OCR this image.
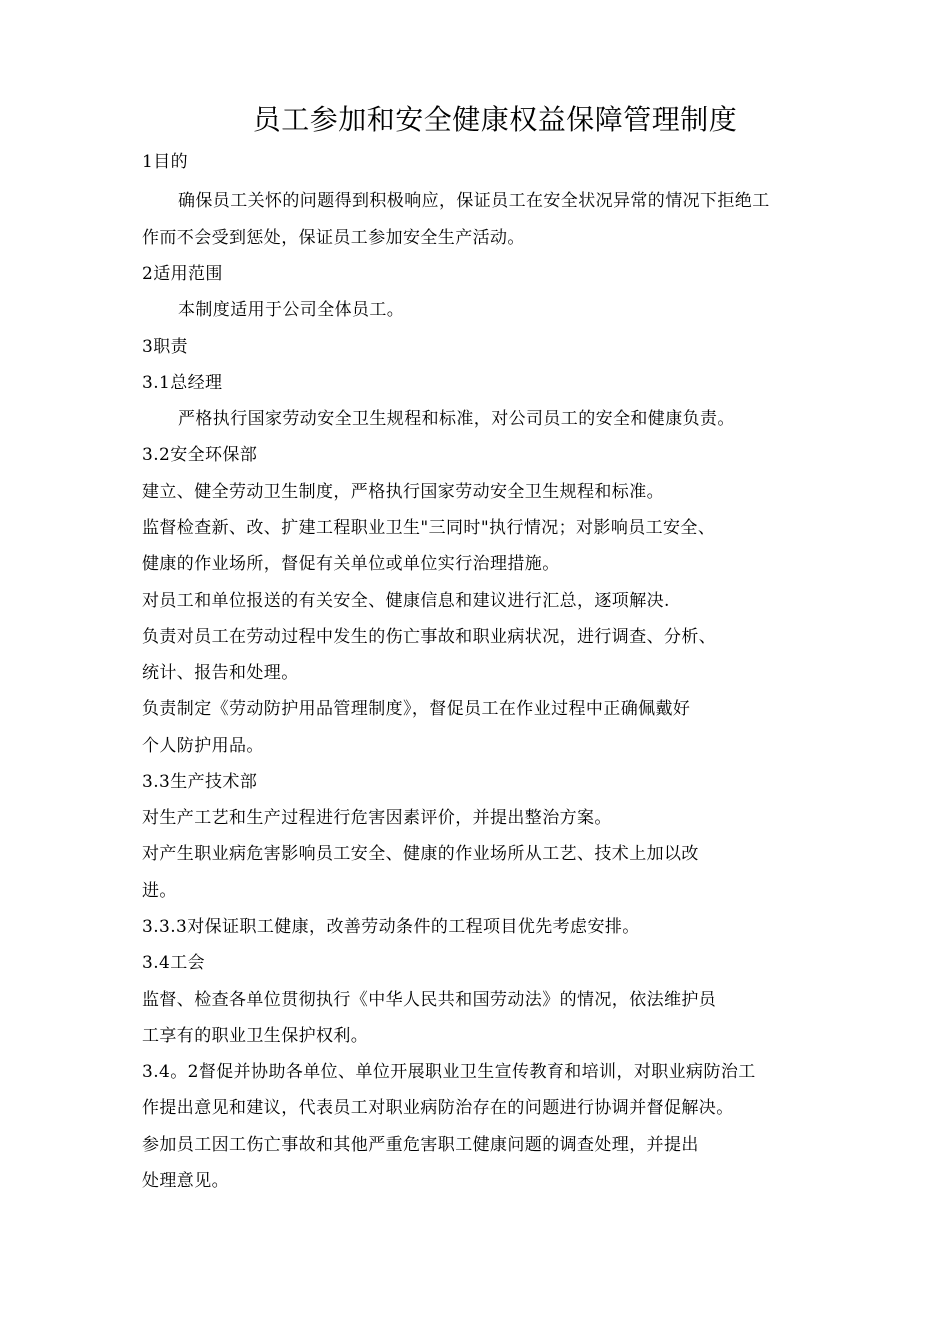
员工参加和安全健康权益保障管理制度
1目的
确保员工关怀的问题得到积极响应，保证员工在安全状况异常的情况下拒绝工
作而不会受到惩处，保证员工参加安全生产活动。
2适用范围
本制度适用于公司全体员工。
3职责
3.1总经理
严格执行国家劳动安全卫生规程和标准，对公司员工的安全和健康负责。
3.2安全环保部
建立、健全劳动卫生制度，严格执行国家劳动安全卫生规程和标准。
监督检查新、改、扩建工程职业卫生"三同时"执行情况；对影响员工安全、
健康的作业场所，督促有关单位或单位实行治理措施。
对员工和单位报送的有关安全、健康信息和建议进行汇总，逐项解决.
负责对员工在劳动过程中发生的伤亡事故和职业病状况，进行调查、分析、
统计、报告和处理。
负责制定《劳动防护用品管理制度》，督促员工在作业过程中正确佩戴好
个人防护用品。
3.3生产技术部
对生产工艺和生产过程进行危害因素评价，并提出整治方案。
对产生职业病危害影响员工安全、健康的作业场所从工艺、技术上加以改
进。
3.3.3对保证职工健康，改善劳动条件的工程项目优先考虑安排。
3.4工会
监督、检查各单位贯彻执行《中华人民共和国劳动法》的情况，依法维护员
工享有的职业卫生保护权利。
3.4。2督促并协助各单位、单位开展职业卫生宣传教育和培训，对职业病防治工
作提出意见和建议，代表员工对职业病防治存在的问题进行协调并督促解决。
参加员工因工伤亡事故和其他严重危害职工健康问题的调查处理，并提出
处理意见。
